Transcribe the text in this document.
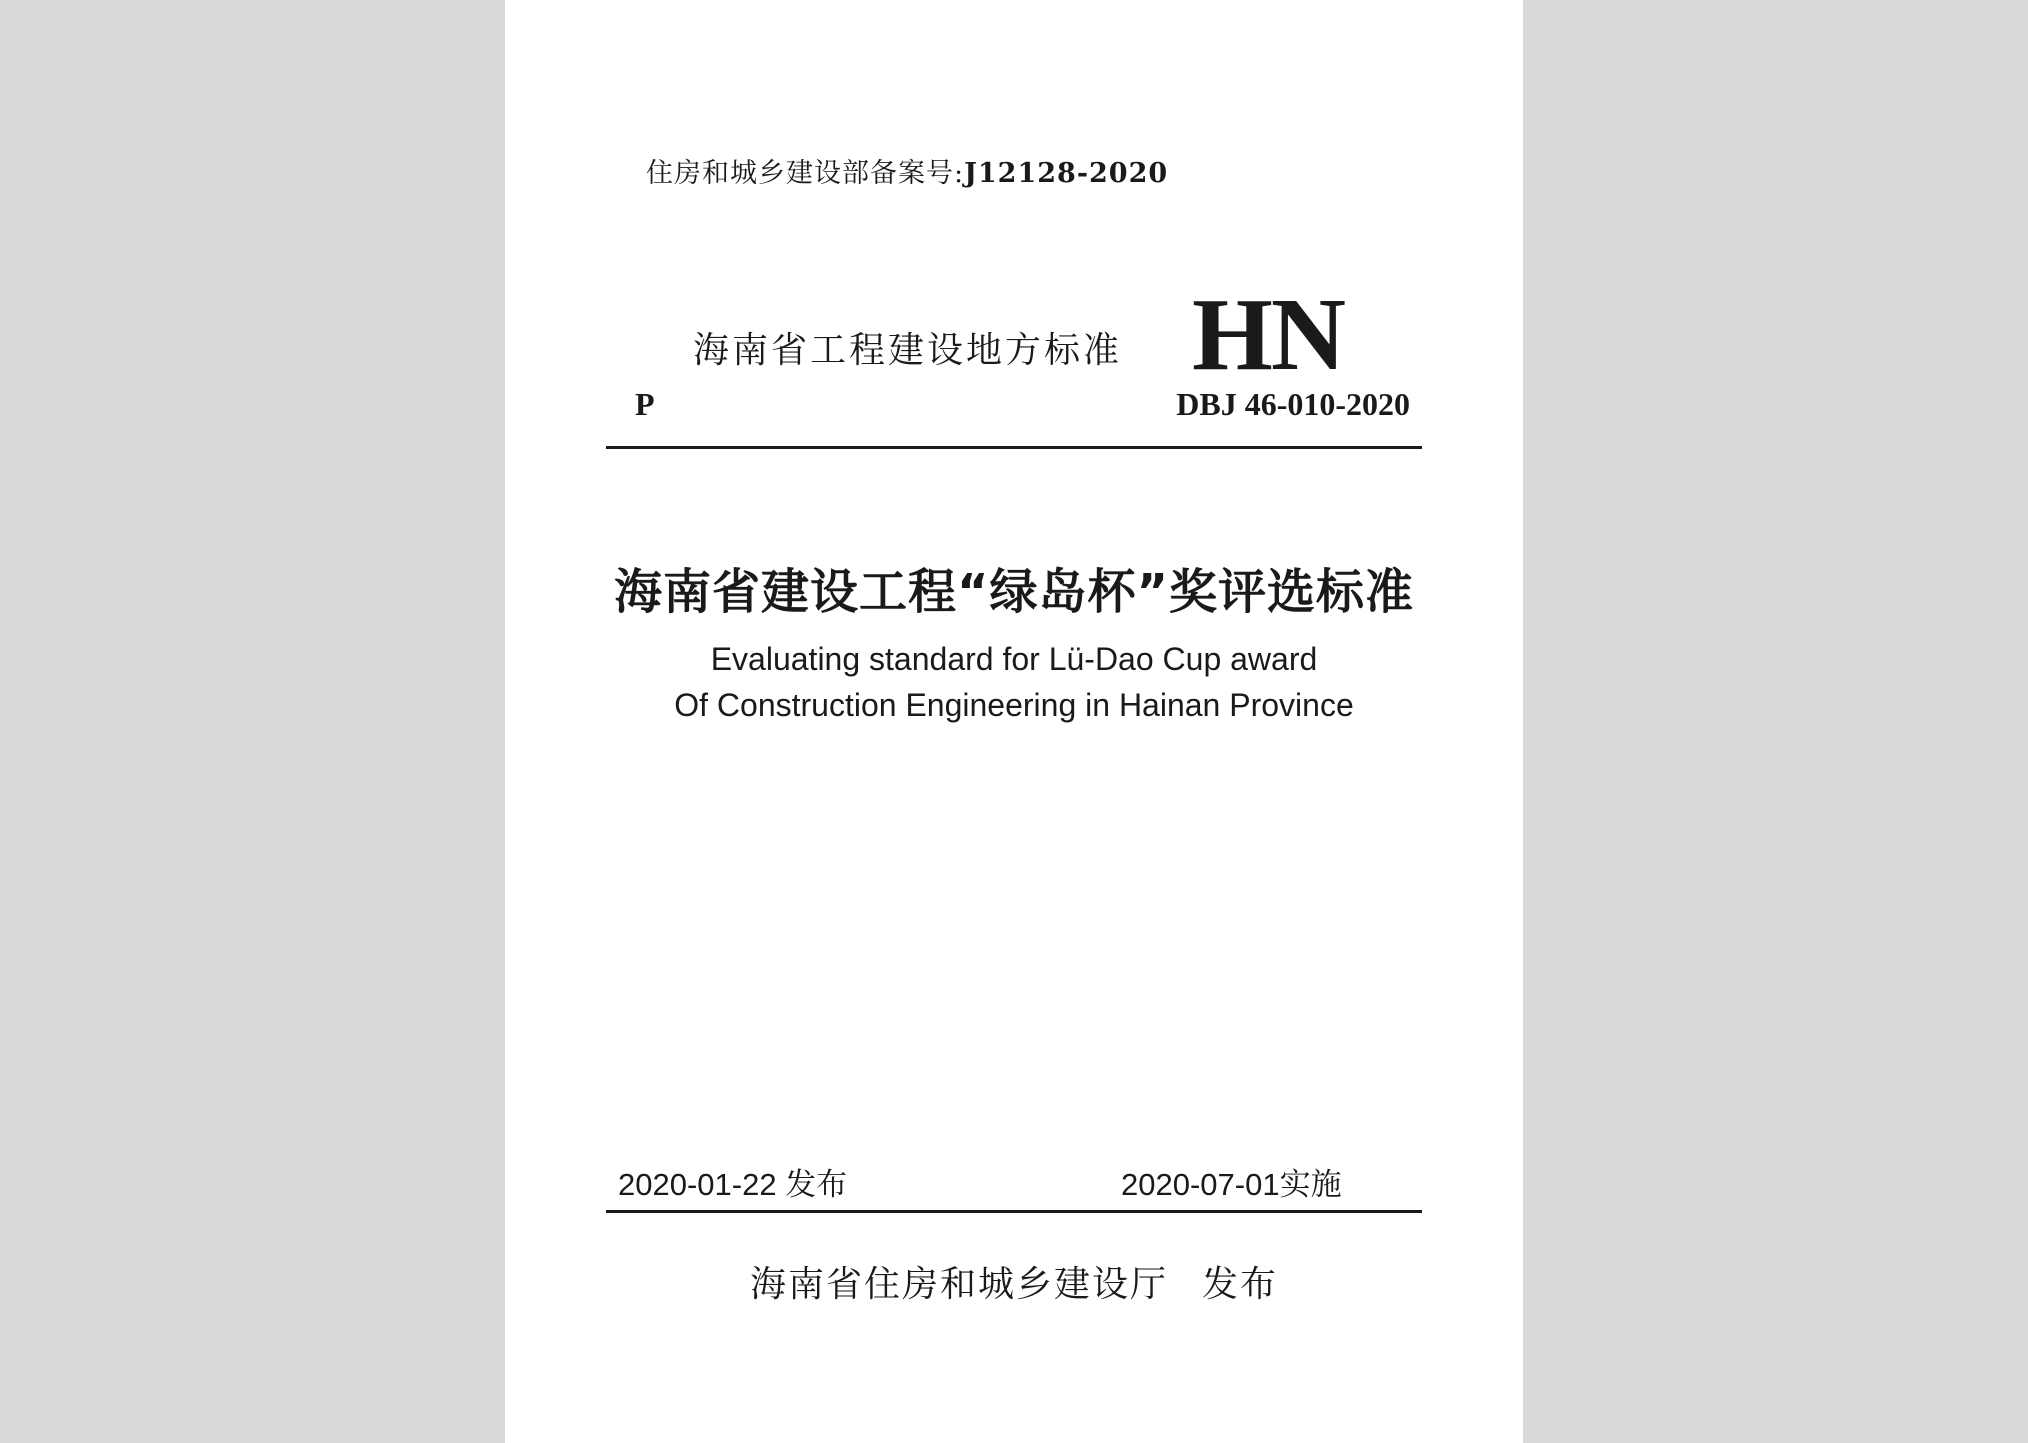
住房和城乡建设部备案号:J12128-2020
海南省工程建设地方标准 HN
P	DBJ 46-010-2020
海南省建设工程“绿岛杯”奖评选标准
Evaluating standard for Lü-Dao Cup award
Of Construction Engineering in Hainan Province
2020-01-22 发布	2020-07-01实施
海南省住房和城乡建设厅 发布
